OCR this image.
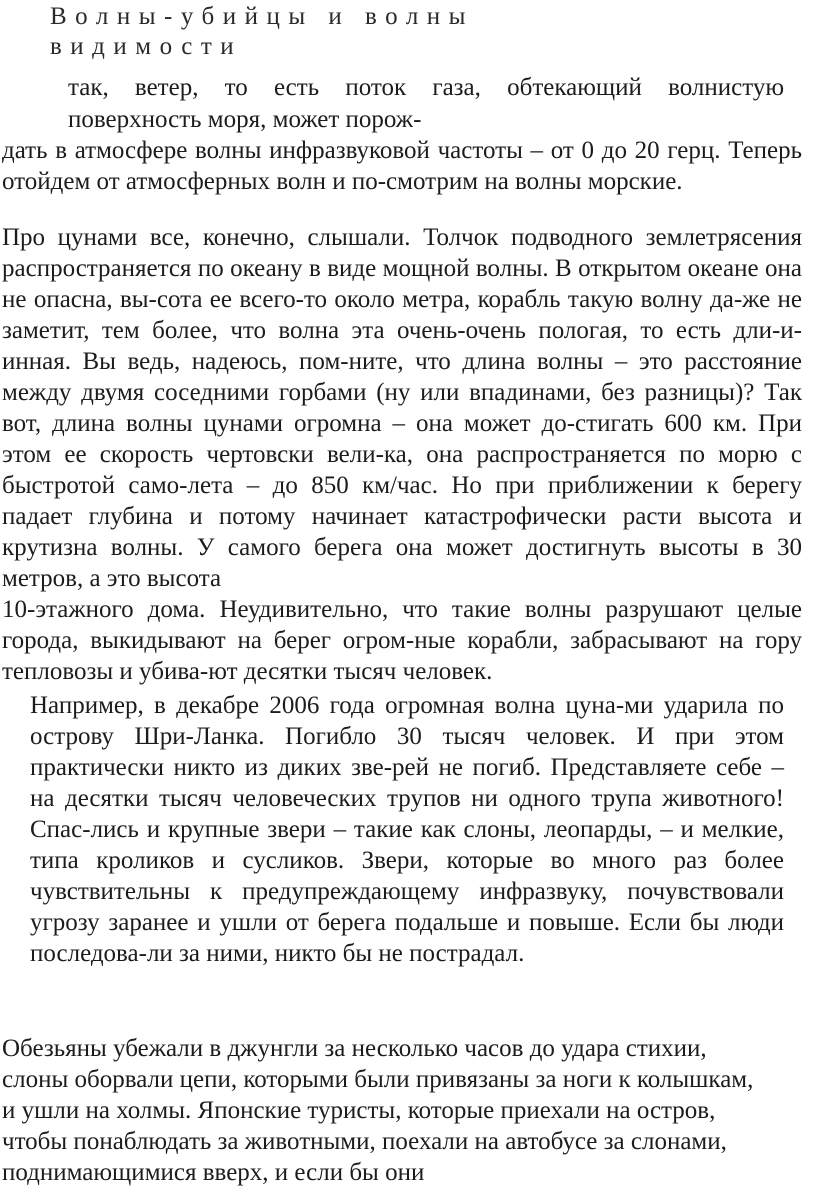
Волны-убийцы и волны видимости

так, ветер, то есть поток газа, обтекающий волнистую

поверхность моря, может порож-

дать в атмосфере волны инфразвуковой частоты – от 0 до 20 герц. Теперь отойдем от атмосферных волн и по-смотрим на волны морские.

Про цунами все, конечно, слышали. Толчок подводного землетрясения распространяется по океану в виде мощной волны. В открытом океане она не опасна, вы-сота ее всего-то около метра, корабль такую волну да-же не заметит, тем более, что волна эта очень-очень пологая, то есть дли-и-инная. Вы ведь, надеюсь, пом-ните, что длина волны – это расстояние между двумя соседними горбами (ну или впадинами, без разницы)? Так вот, длина волны цунами огромна – она может до-стигать 600 км. При этом ее скорость чертовски вели-ка, она распространяется по морю с быстротой само-лета – до 850 км/час. Но при приближении к берегу падает глубина и потому начинает катастрофически расти высота и крутизна волны. У самого берега она может достигнуть высоты в 30 метров, а это высота

10-этажного дома. Неудивительно, что такие волны разрушают целые города, выкидывают на берег огром-ные корабли, забрасывают на гору тепловозы и убива-ют десятки тысяч человек.

Например, в декабре 2006 года огромная волна цуна-ми ударила по острову Шри-Ланка. Погибло 30 тысяч человек. И при этом практически никто из диких зве-рей не погиб. Представляете себе – на десятки тысяч человеческих трупов ни одного трупа животного! Спас-лись и крупные звери – такие как слоны, леопарды, – и мелкие, типа кроликов и сусликов. Звери, которые во много раз более чувствительны к предупреждающему инфразвуку, почувствовали угрозу заранее и ушли от берега подальше и повыше. Если бы люди последова-ли за ними, никто бы не пострадал.

Обезьяны убежали в джунгли за несколько часов до удара стихии,
слоны оборвали цепи, которыми были привязаны за ноги к колышкам,
и ушли на холмы. Японские туристы, которые приехали на остров,
чтобы понаблюдать за животными, поехали на автобусе за слонами,
поднимающимися вверх, и если бы они
